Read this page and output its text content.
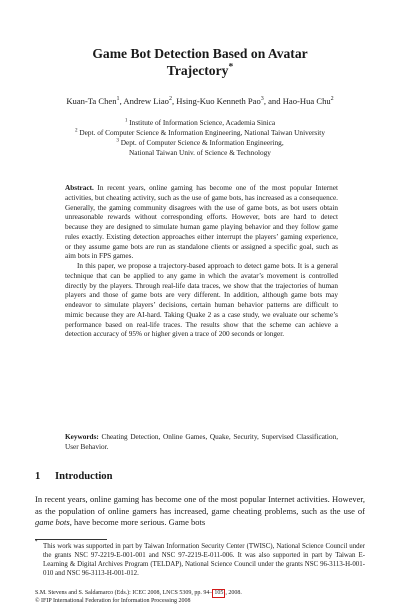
Game Bot Detection Based on Avatar
Trajectory*
Kuan-Ta Chen$^1$, Andrew Liao$^2$, Hsing-Kuo Kenneth Pao$^3$, and Hao-Hua Chu$^2$
$^1$ Institute of Information Science, Academia Sinica
$^2$ Dept. of Computer Science & Information Engineering, National Taiwan University
$^3$ Dept. of Computer Science & Information Engineering,
National Taiwan Univ. of Science & Technology

Abstract. In recent years, online gaming has become one of the most popular Internet activities, but cheating activity, such as the use of game bots, has increased as a consequence. Generally, the gaming community disagrees with the use of game bots, as bot users obtain unreasonable rewards without corresponding efforts. However, bots are hard to detect because they are designed to simulate human game playing behavior and they follow game rules exactly. Existing detection approaches either interrupt the players’ gaming experience, or they assume game bots are run as standalone clients or assigned a specific goal, such as aim bots in FPS games.

In this paper, we propose a trajectory-based approach to detect game bots. It is a general technique that can be applied to any game in which the avatar’s movement is controlled directly by the players. Through real-life data traces, we show that the trajectories of human players and those of game bots are very different. In addition, although game bots may endeavor to simulate players’ decisions, certain human behavior patterns are difficult to mimic because they are AI-hard. Taking Quake 2 as a case study, we evaluate our scheme’s performance based on real-life traces. The results show that the scheme can achieve a detection accuracy of 95% or higher given a trace of 200 seconds or longer.

Keywords: Cheating Detection, Online Games, Quake, Security, Supervised Classification, User Behavior.
1 Introduction
In recent years, online gaming has become one of the most popular Internet activities. However, as the population of online gamers has increased, game cheating problems, such as the use of game bots, have become more serious. Game bots
*
This work was supported in part by Taiwan Information Security Center (TWISC), National Science Council under the grants NSC 97-2219-E-001-001 and NSC 97-2219-E-011-006. It was also supported in part by Taiwan E-Learning & Digital Archives Program (TELDAP), National Science Council under the grants NSC 96-3113-H-001-010 and NSC 96-3113-H-001-012.
S.M. Stevens and S. Saldamarco (Eds.): ICEC 2008, LNCS 5309, pp. 94– 105 , 2008.
© IFIP International Federation for Information Processing 2008
